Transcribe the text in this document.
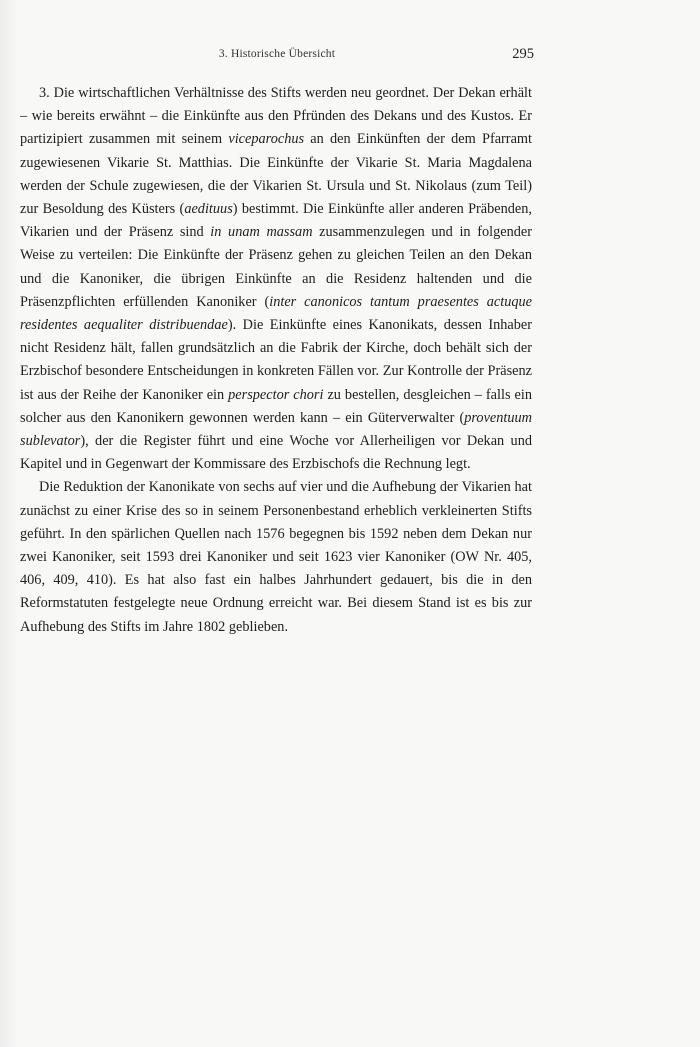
3. Historische Übersicht	295

3. Die wirtschaftlichen Verhältnisse des Stifts werden neu geordnet. Der Dekan erhält – wie bereits erwähnt – die Einkünfte aus den Pfründen des Dekans und des Kustos. Er partizipiert zusammen mit seinem viceparochus an den Einkünften der dem Pfarramt zugewiesenen Vikarie St. Matthias. Die Einkünfte der Vikarie St. Maria Magdalena werden der Schule zugewiesen, die der Vikarien St. Ursula und St. Nikolaus (zum Teil) zur Besoldung des Küsters (aedituus) bestimmt. Die Einkünfte aller anderen Präbenden, Vikarien und der Präsenz sind in unam massam zusammenzulegen und in folgender Weise zu verteilen: Die Einkünfte der Präsenz gehen zu gleichen Teilen an den Dekan und die Kanoniker, die übrigen Einkünfte an die Residenz haltenden und die Präsenzpflichten erfüllenden Kanoniker (inter canonicos tantum praesentes actuque residentes aequaliter distribuendae). Die Einkünfte eines Kanonikats, dessen Inhaber nicht Residenz hält, fallen grundsätzlich an die Fabrik der Kirche, doch behält sich der Erzbischof besondere Entscheidungen in konkreten Fällen vor. Zur Kontrolle der Präsenz ist aus der Reihe der Kanoniker ein perspector chori zu bestellen, desgleichen – falls ein solcher aus den Kanonikern gewonnen werden kann – ein Güterverwalter (proventuum sublevator), der die Register führt und eine Woche vor Allerheiligen vor Dekan und Kapitel und in Gegenwart der Kommissare des Erzbischofs die Rechnung legt.

Die Reduktion der Kanonikate von sechs auf vier und die Aufhebung der Vikarien hat zunächst zu einer Krise des so in seinem Personenbestand erheblich verkleinerten Stifts geführt. In den spärlichen Quellen nach 1576 begegnen bis 1592 neben dem Dekan nur zwei Kanoniker, seit 1593 drei Kanoniker und seit 1623 vier Kanoniker (OW Nr. 405, 406, 409, 410). Es hat also fast ein halbes Jahrhundert gedauert, bis die in den Reformstatuten festgelegte neue Ordnung erreicht war. Bei diesem Stand ist es bis zur Aufhebung des Stifts im Jahre 1802 geblieben.
